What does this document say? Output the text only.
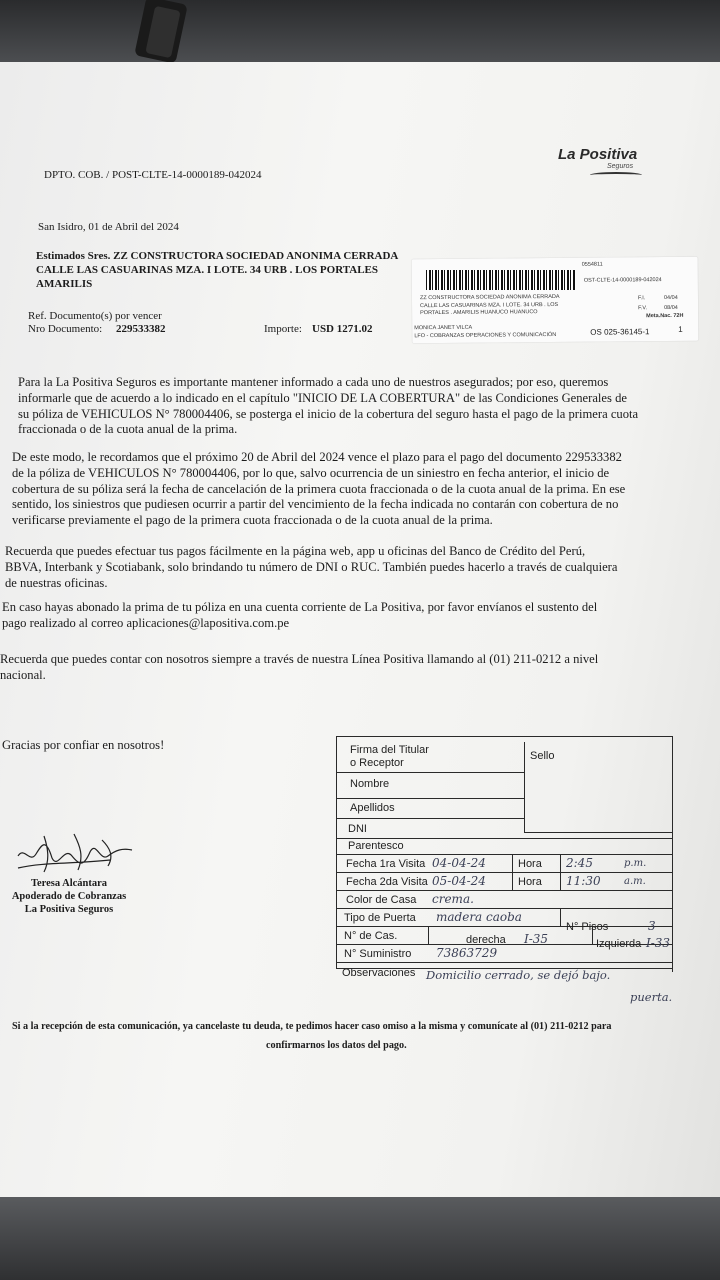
DPTO. COB. / POST-CLTE-14-0000189-042024
La Positiva
Seguros
San Isidro, 01 de Abril del 2024
Estimados Sres. ZZ CONSTRUCTORA SOCIEDAD ANONIMA CERRADA
CALLE LAS CASUARINAS MZA. I LOTE. 34 URB . LOS PORTALES
AMARILIS
Ref. Documento(s) por vencer
Nro Documento: 229533382	Importe: USD 1271.02
0554811
OST-CLTE-14-0000189-042024
ZZ CONSTRUCTORA SOCIEDAD ANONIMA CERRADA
CALLE LAS CASUARINAS MZA. I LOTE. 34 URB . LOS
PORTALES . AMARILIS HUANUCO HUANUCO
MONICA JANET VILCA
LFO - COBRANZAS OPERACIONES Y COMUNICACIÓN
F.I.	04/04
F.V.	08/04
Meta.Nac. 72H
OS 025-36145-1	1
Para la La Positiva Seguros es importante mantener informado a cada uno de nuestros asegurados; por eso, queremos
informarle que de acuerdo a lo indicado en el capítulo "INICIO DE LA COBERTURA" de las Condiciones Generales de
su póliza de VEHICULOS N° 780004406, se posterga el inicio de la cobertura del seguro hasta el pago de la primera cuota
fraccionada o de la cuota anual de la prima.
De este modo, le recordamos que el próximo 20 de Abril del 2024 vence el plazo para el pago del documento 229533382
de la póliza de VEHICULOS N° 780004406, por lo que, salvo ocurrencia de un siniestro en fecha anterior, el inicio de
cobertura de su póliza será la fecha de cancelación de la primera cuota fraccionada o de la cuota anual de la prima. En ese
sentido, los siniestros que pudiesen ocurrir a partir del vencimiento de la fecha indicada no contarán con cobertura de no
verificarse previamente el pago de la primera cuota fraccionada o de la cuota anual de la prima.
Recuerda que puedes efectuar tus pagos fácilmente en la página web, app u oficinas del Banco de Crédito del Perú,
BBVA, Interbank y Scotiabank, solo brindando tu número de DNI o RUC. También puedes hacerlo a través de cualquiera
de nuestras oficinas.
En caso hayas abonado la prima de tu póliza en una cuenta corriente de La Positiva, por favor envíanos el sustento del
pago realizado al correo aplicaciones@lapositiva.com.pe
Recuerda que puedes contar con nosotros siempre a través de nuestra Línea Positiva llamando al (01) 211-0212 a nivel
nacional.
Gracias por confiar en nosotros!
Teresa Alcántara
Apoderado de Cobranzas
La Positiva Seguros
Firma del Titular
o Receptor
Sello
Nombre
Apellidos
DNI
Parentesco
Fecha 1ra Visita 04-04-24	Hora 2:45	p.m.
Fecha 2da Visita 05-04-24	Hora 11:30 a.m.
Color de Casa crema.
Tipo de Puerta madera caoba
N° Pisos	3
N° de Cas.	derecha I-35	Izquierda I-33
N° Suministro 73863729
Observaciones Domicilio cerrado, se dejó bajo.
puerta.
Si a la recepción de esta comunicación, ya cancelaste tu deuda, te pedimos hacer caso omiso a la misma y comunícate al (01) 211-0212 para
confirmarnos los datos del pago.
